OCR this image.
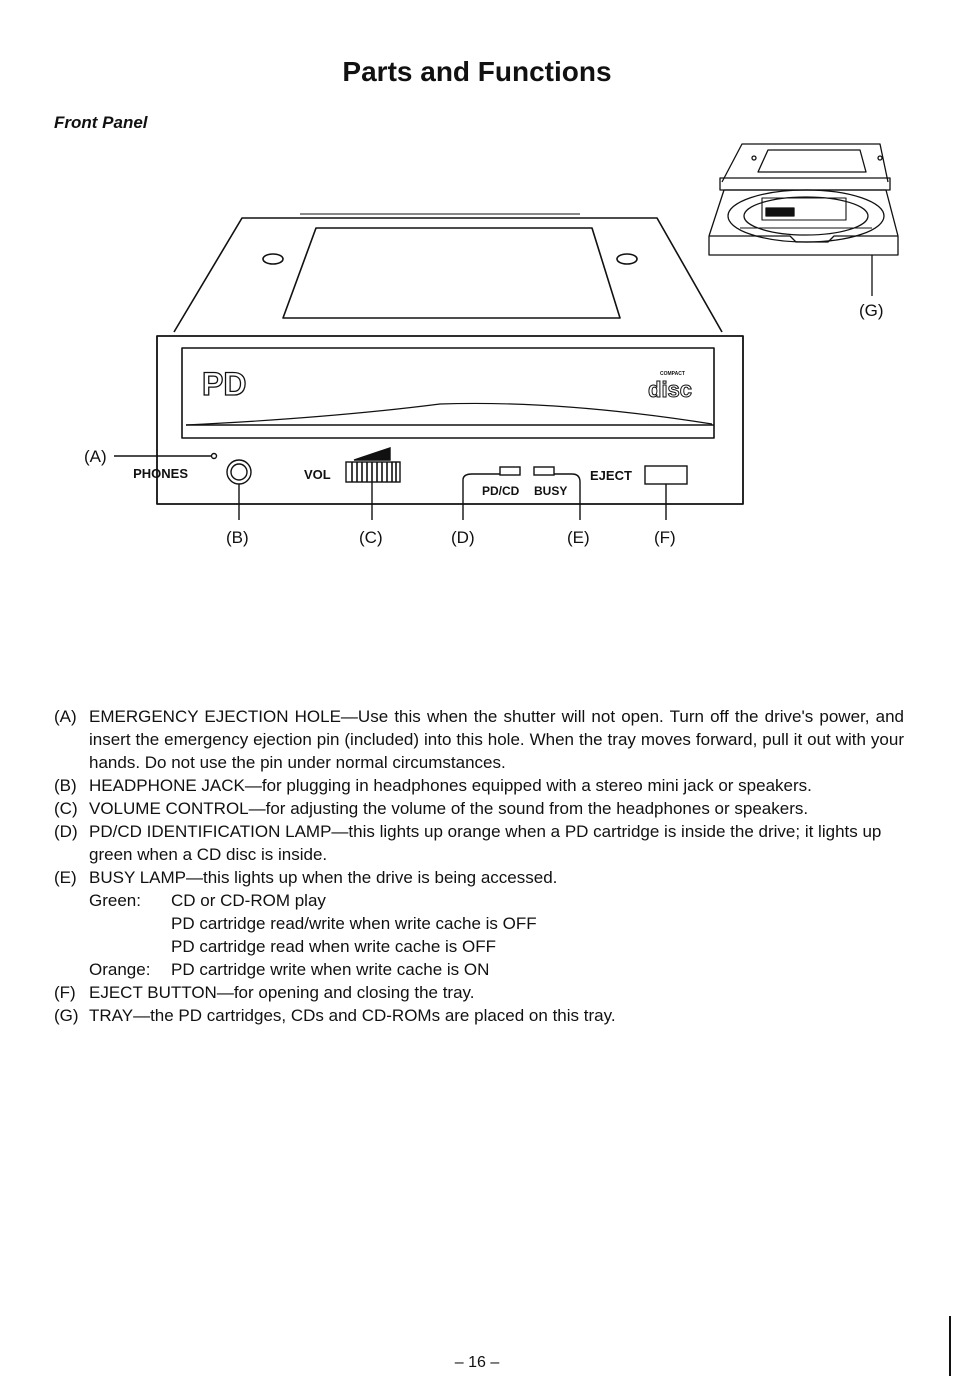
Parts and Functions
Front Panel
PD	COMPACT
disc
PHONES	VOL
PD/CD BUSY
EJECT
(A)
(B)	(C)	(D)	(E)	(F)
(G)
(A) EMERGENCY EJECTION HOLE—Use this when the shutter will not open. Turn off the drive's power, and insert the emergency ejection pin (included) into this hole. When the tray moves forward, pull it out with your hands. Do not use the pin under normal circumstances.
(B) HEADPHONE JACK—for plugging in headphones equipped with a stereo mini jack or speakers.
(C) VOLUME CONTROL—for adjusting the volume of the sound from the headphones or speakers.
(D) PD/CD IDENTIFICATION LAMP—this lights up orange when a PD cartridge is inside the drive; it lights up green when a CD disc is inside.
(E) BUSY LAMP—this lights up when the drive is being accessed.
Green:	CD or CD-ROM play
PD cartridge read/write when write cache is OFF
PD cartridge read when write cache is OFF
Orange:	PD cartridge write when write cache is ON
(F) EJECT BUTTON—for opening and closing the tray.
(G) TRAY—the PD cartridges, CDs and CD-ROMs are placed on this tray.
– 16 –
